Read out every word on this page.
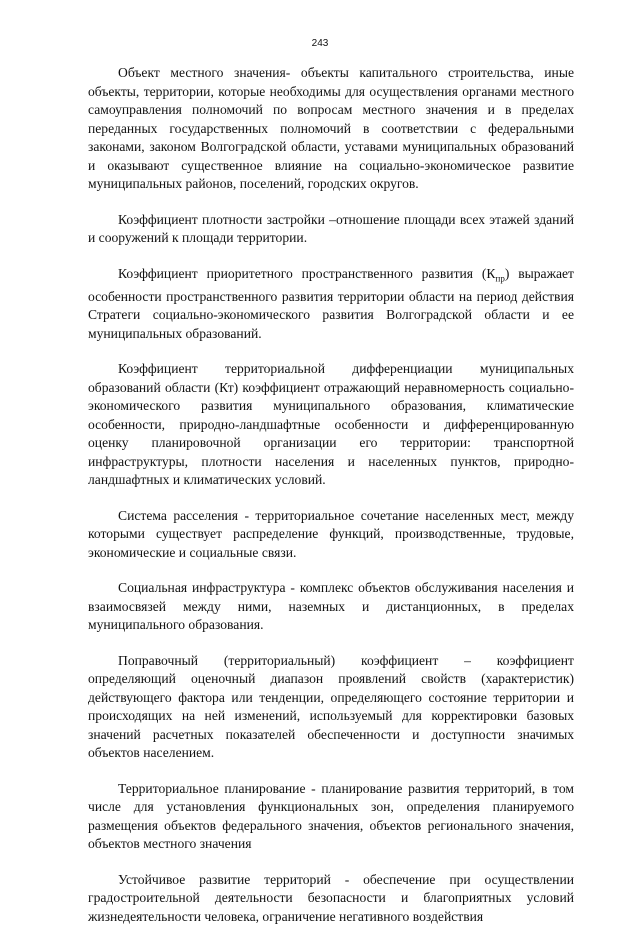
243

Объект местного значения- объекты капитального строительства, иные объекты, территории, которые необходимы для осуществления органами местного самоуправления полномочий по вопросам местного значения и в пределах переданных государственных полномочий в соответствии с федеральными законами, законом Волгоградской области, уставами муниципальных образований и оказывают существенное влияние на социально-экономическое развитие муниципальных районов, поселений, городских округов.

Коэффициент плотности застройки –отношение площади всех этажей зданий и сооружений к площади территории.

Коэффициент приоритетного пространственного развития $(К_{пр})$ выражает особенности пространственного развития территории области на период действия Стратеги социально-экономического развития Волгоградской области и ее муниципальных образований.

Коэффициент территориальной дифференциации муниципальных образований области (Кт) коэффициент отражающий неравномерность социально-экономического развития муниципального образования, климатические особенности, природно-ландшафтные особенности и дифференцированную оценку планировочной организации его территории: транспортной инфраструктуры, плотности населения и населенных пунктов, природно-ландшафтных и климатических условий.

Система расселения - территориальное сочетание населенных мест, между которыми существует распределение функций, производственные, трудовые, экономические и социальные связи.

Социальная инфраструктура - комплекс объектов обслуживания населения и взаимосвязей между ними, наземных и дистанционных, в пределах муниципального образования.

Поправочный (территориальный) коэффициент – коэффициент определяющий оценочный диапазон проявлений свойств (характеристик) действующего фактора или тенденции, определяющего состояние территории и происходящих на ней изменений, используемый для корректировки базовых значений расчетных показателей обеспеченности и доступности значимых объектов населением.

Территориальное планирование - планирование развития территорий, в том числе для установления функциональных зон, определения планируемого размещения объектов федерального значения, объектов регионального значения, объектов местного значения

Устойчивое развитие территорий - обеспечение при осуществлении градостроительной деятельности безопасности и благоприятных условий жизнедеятельности человека, ограничение негативного воздействия
